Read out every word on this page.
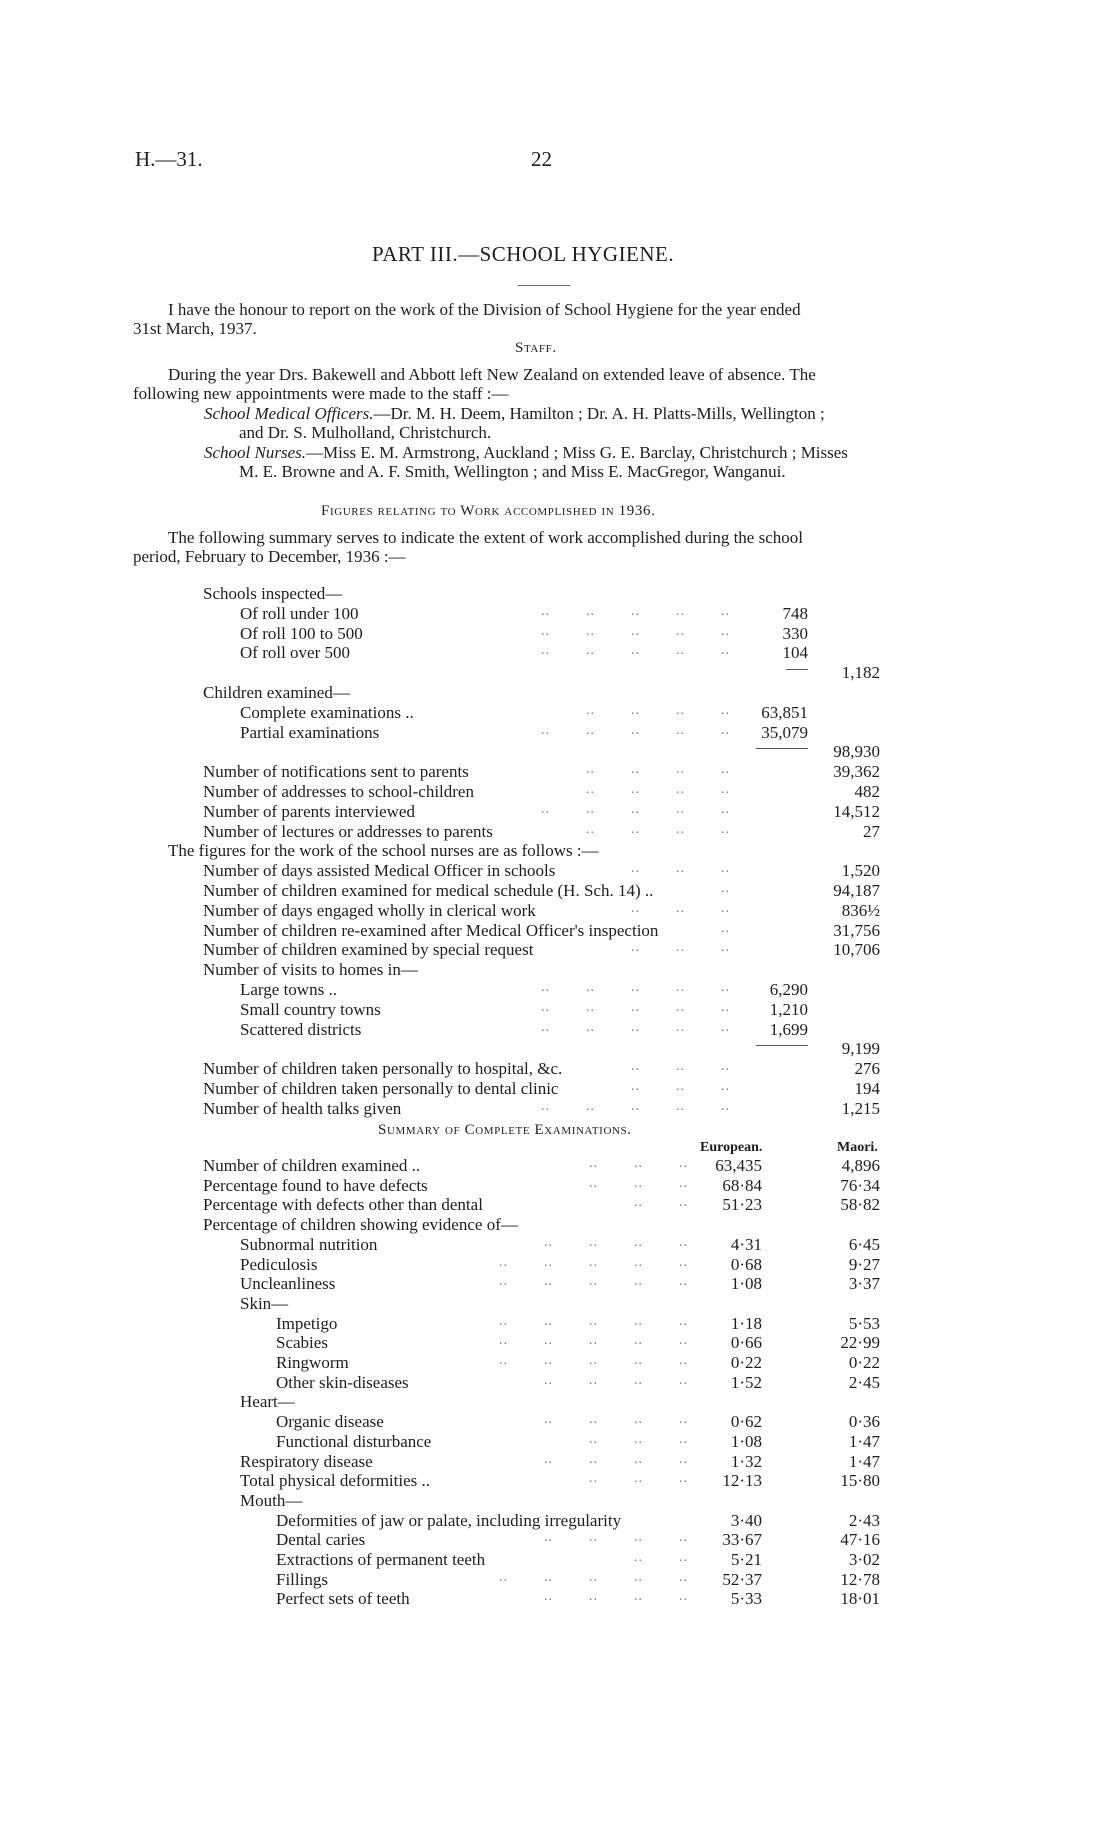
H.—31.	22
PART III.—SCHOOL HYGIENE.
I have the honour to report on the work of the Division of School Hygiene for the year ended
31st March, 1937.
Staff.
During the year Drs. Bakewell and Abbott left New Zealand on extended leave of absence. The
following new appointments were made to the staff :—
School Medical Officers.—Dr. M. H. Deem, Hamilton ; Dr. A. H. Platts-Mills, Wellington ;
and Dr. S. Mulholland, Christchurch.
School Nurses.—Miss E. M. Armstrong, Auckland ; Miss G. E. Barclay, Christchurch ; Misses
M. E. Browne and A. F. Smith, Wellington ; and Miss E. MacGregor, Wanganui.
Figures relating to Work accomplished in 1936.
The following summary serves to indicate the extent of work accomplished during the school
period, February to December, 1936 :—
Schools inspected—
Of roll under 100	..        ..        ..        ..        ..	748
Of roll 100 to 500	..        ..        ..        ..        ..	330
Of roll over 500	..        ..        ..        ..        ..	104
1,182
Children examined—
Complete examinations ..	..        ..        ..        .. 63,851
Partial examinations	..        ..        ..        ..        .. 35,079
98,930
Number of notifications sent to parents	..        ..        ..        ..	39,362
Number of addresses to school-children	..        ..        ..        ..	482
Number of parents interviewed	..        ..        ..        ..        ..	14,512
Number of lectures or addresses to parents	..        ..        ..        ..	27
The figures for the work of the school nurses are as follows :—
Number of days assisted Medical Officer in schools	..        ..        ..	1,520
Number of children examined for medical schedule (H. Sch. 14) ..	..	94,187
Number of days engaged wholly in clerical work	..        ..        ..	836½
Number of children re-examined after Medical Officer's inspection	..	31,756
Number of children examined by special request	..        ..        ..	10,706
Number of visits to homes in—
Large towns ..	..        ..        ..        ..        .. 6,290
Small country towns	..        ..        ..        ..        .. 1,210
Scattered districts	..        ..        ..        ..        .. 1,699
9,199
Number of children taken personally to hospital, &c.	..        ..        ..	276
Number of children taken personally to dental clinic	..        ..        ..	194
Number of health talks given	..        ..        ..        ..        ..	1,215
Summary of Complete Examinations.
European.	Maori.
Number of children examined ..	..        ..        .. 63,435	4,896
Percentage found to have defects	..        ..        .. 68·84	76·34
Percentage with defects other than dental	..        .. 51·23	58·82
Percentage of children showing evidence of—
Subnormal nutrition	..        ..        ..        ..	4·31	6·45
Pediculosis	..        ..        ..        ..        ..	0·68	9·27
Uncleanliness	..        ..        ..        ..        ..	1·08	3·37
Skin—
Impetigo	..        ..        ..        ..        ..	1·18	5·53
Scabies	..        ..        ..        ..        ..	0·66	22·99
Ringworm	..        ..        ..        ..        ..	0·22	0·22
Other skin-diseases	..        ..        ..        ..	1·52	2·45
Heart—
Organic disease	..        ..        ..        ..	0·62	0·36
Functional disturbance	..        ..        ..	1·08	1·47
Respiratory disease	..        ..        ..        ..	1·32	1·47
Total physical deformities ..	..        ..        .. 12·13	15·80
Mouth—
Deformities of jaw or palate, including irregularity	3·40	2·43
Dental caries	..        ..        ..        .. 33·67	47·16
Extractions of permanent teeth	..        ..	5·21	3·02
Fillings	..        ..        ..        ..        .. 52·37	12·78
Perfect sets of teeth	..        ..        ..        ..	5·33	18·01
